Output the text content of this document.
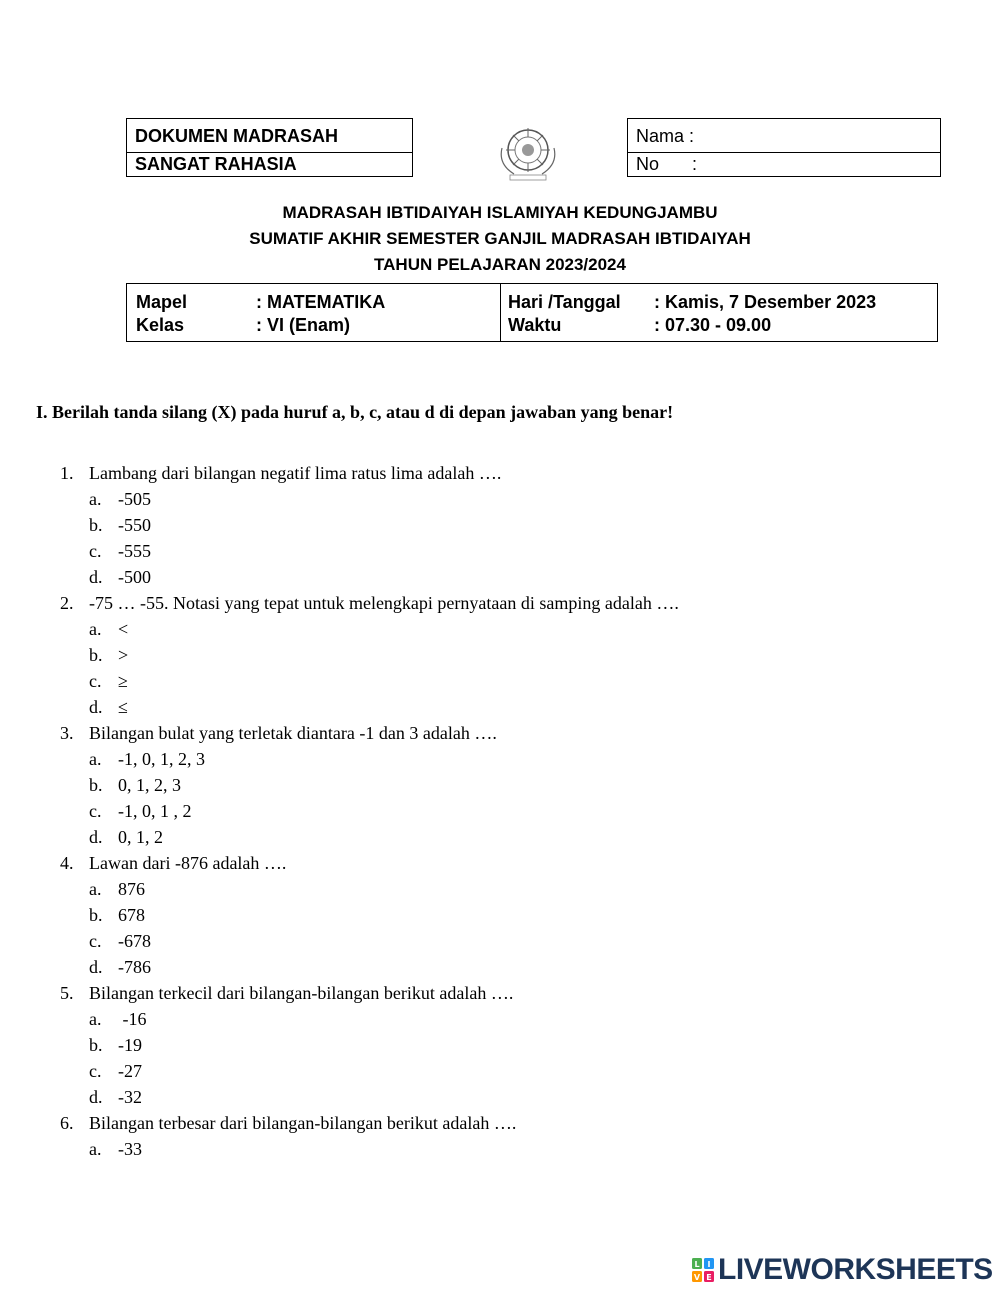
DOKUMEN MADRASAH
SANGAT RAHASIA
Nama :
No :
MADRASAH IBTIDAIYAH ISLAMIYAH KEDUNGJAMBU
SUMATIF AKHIR SEMESTER GANJIL MADRASAH IBTIDAIYAH
TAHUN PELAJARAN 2023/2024
Mapel	: MATEMATIKA
Kelas	: VI (Enam)
Hari /Tanggal : Kamis, 7 Desember 2023
Waktu	: 07.30 - 09.00
I. Berilah tanda silang (X) pada huruf a, b, c, atau d di depan jawaban yang benar!
1. Lambang dari bilangan negatif lima ratus lima adalah ….
a. -505
b. -550
c. -555
d. -500
2. -75 … -55. Notasi yang tepat untuk melengkapi pernyataan di samping adalah ….
a. <
b. >
c. ≥
d. ≤
3. Bilangan bulat yang terletak diantara -1 dan 3 adalah ….
a. -1, 0, 1, 2, 3
b. 0, 1, 2, 3
c. -1, 0, 1 , 2
d. 0, 1, 2
4. Lawan dari -876 adalah ….
a. 876
b. 678
c. -678
d. -786
5. Bilangan terkecil dari bilangan-bilangan berikut adalah ….
a. -16
b. -19
c. -27
d. -32
6. Bilangan terbesar dari bilangan-bilangan berikut adalah ….
a. -33
L I
V E LIVEWORKSHEETS
